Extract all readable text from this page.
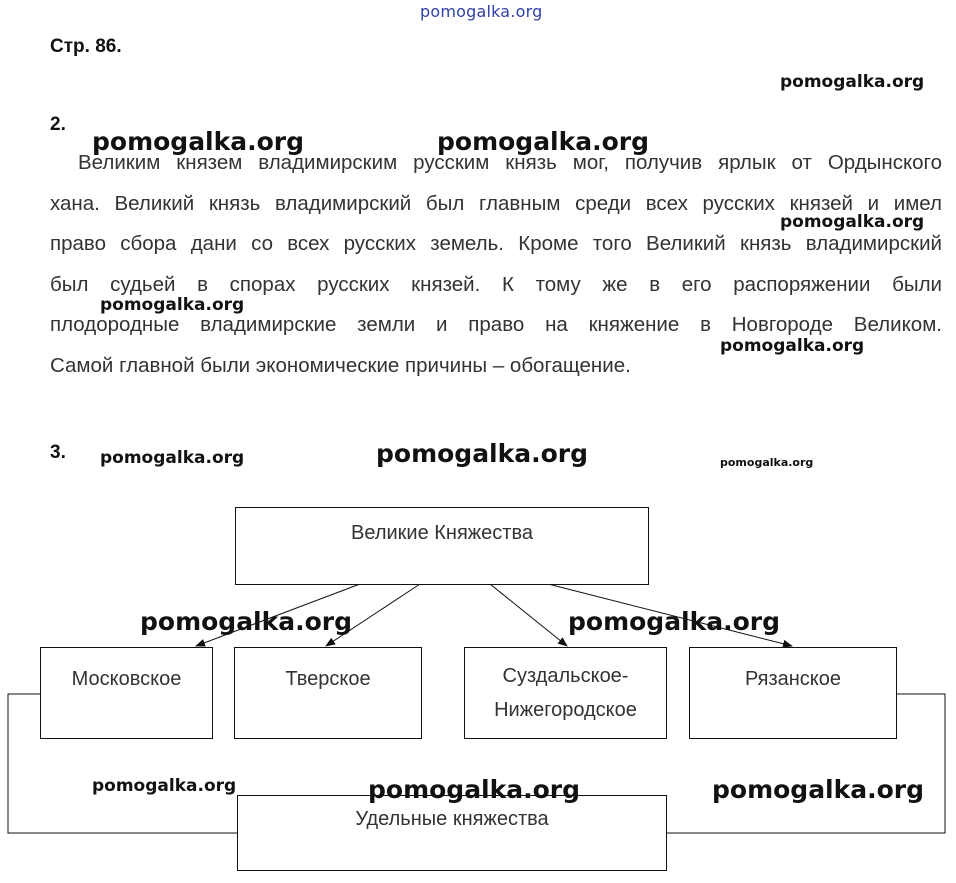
pomogalka.org
Стр. 86.
2.
Великим князем владимирским русским князь мог, получив ярлык от Ордынского
хана. Великий князь владимирский был главным среди всех русских князей и имел
право сбора дани со всех русских земель. Кроме того Великий князь владимирский
был судьей в спорах русских князей. К тому же в его распоряжении были
плодородные владимирские земли и право на княжение в Новгороде Великом.
Самой главной были экономические причины – обогащение.
3.
Великие Княжества
Московское	Тверское	Суздальское-
Нижегородское
Рязанское
Удельные княжества
pomogalka.org
pomogalka.org	pomogalka.org
pomogalka.org
pomogalka.org
pomogalka.org
pomogalka.org	pomogalka.org	pomogalka.org
pomogalka.org	pomogalka.org
pomogalka.org	pomogalka.org	pomogalka.org
